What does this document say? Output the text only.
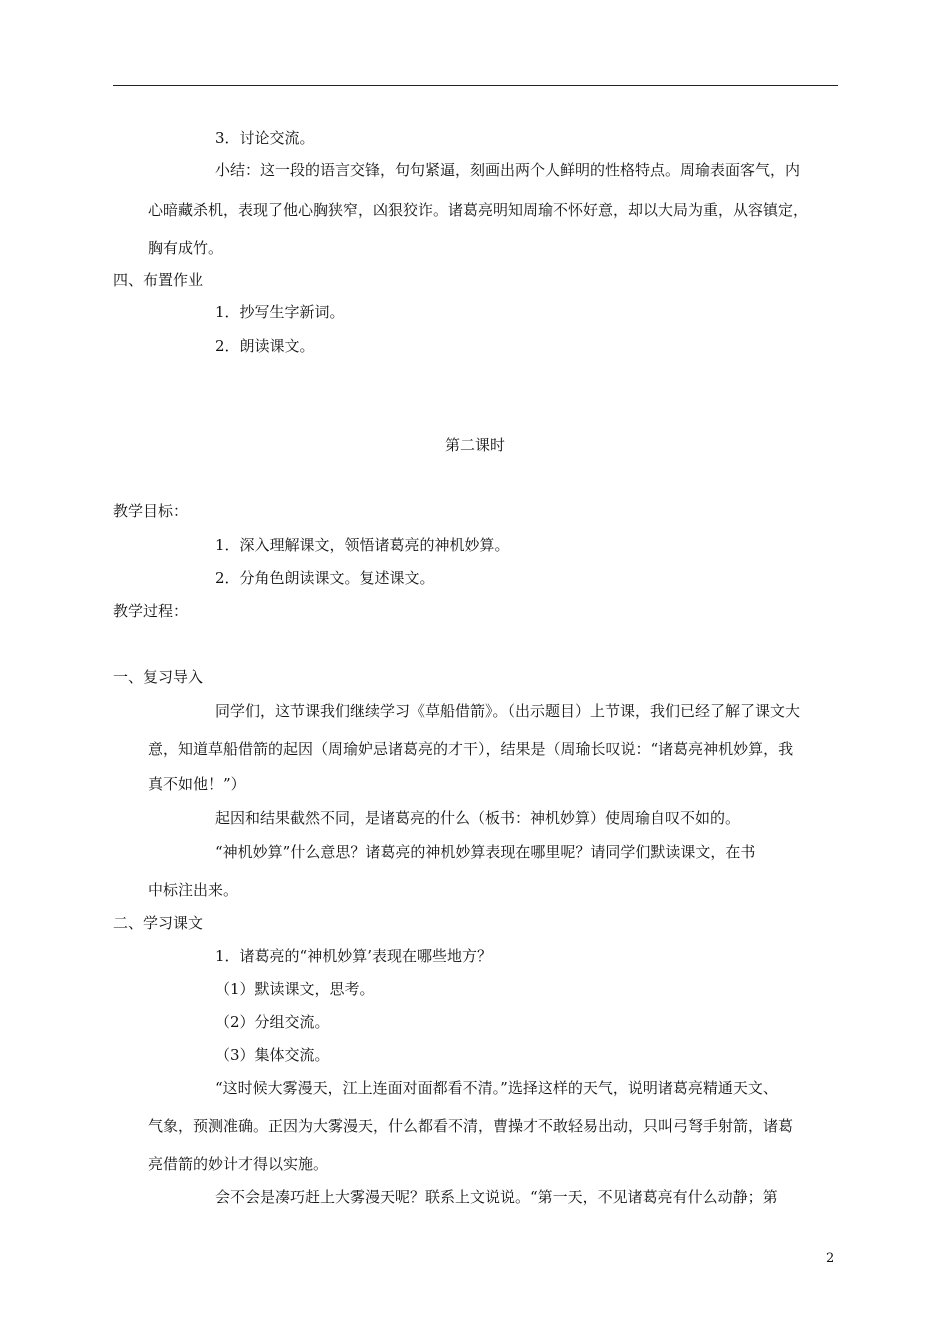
3．讨论交流。
小结：这一段的语言交锋，句句紧逼，刻画出两个人鲜明的性格特点。周瑜表面客气，内
心暗藏杀机，表现了他心胸狭窄，凶狠狡诈。诸葛亮明知周瑜不怀好意，却以大局为重，从容镇定，
胸有成竹。
四、布置作业
1．抄写生字新词。
2．朗读课文。
第二课时
教学目标：
1．深入理解课文，领悟诸葛亮的神机妙算。
2．分角色朗读课文。复述课文。
教学过程：
一、复习导入
同学们，这节课我们继续学习《草船借箭》。（出示题目）上节课，我们已经了解了课文大
意，知道草船借箭的起因（周瑜妒忌诸葛亮的才干），结果是（周瑜长叹说：“诸葛亮神机妙算，我
真不如他！”）
起因和结果截然不同，是诸葛亮的什么（板书：神机妙算）使周瑜自叹不如的。
“神机妙算”什么意思？诸葛亮的神机妙算表现在哪里呢？请同学们默读课文，在书
中标注出来。
二、学习课文
1．诸葛亮的“神机妙算’表现在哪些地方？
（1）默读课文，思考。
（2）分组交流。
（3）集体交流。
“这时候大雾漫天，江上连面对面都看不清。”选择这样的天气，说明诸葛亮精通天文、
气象，预测准确。正因为大雾漫天，什么都看不清，曹操才不敢轻易出动，只叫弓弩手射箭，诸葛
亮借箭的妙计才得以实施。
会不会是凑巧赶上大雾漫天呢？联系上文说说。“第一天，不见诸葛亮有什么动静；第
2
